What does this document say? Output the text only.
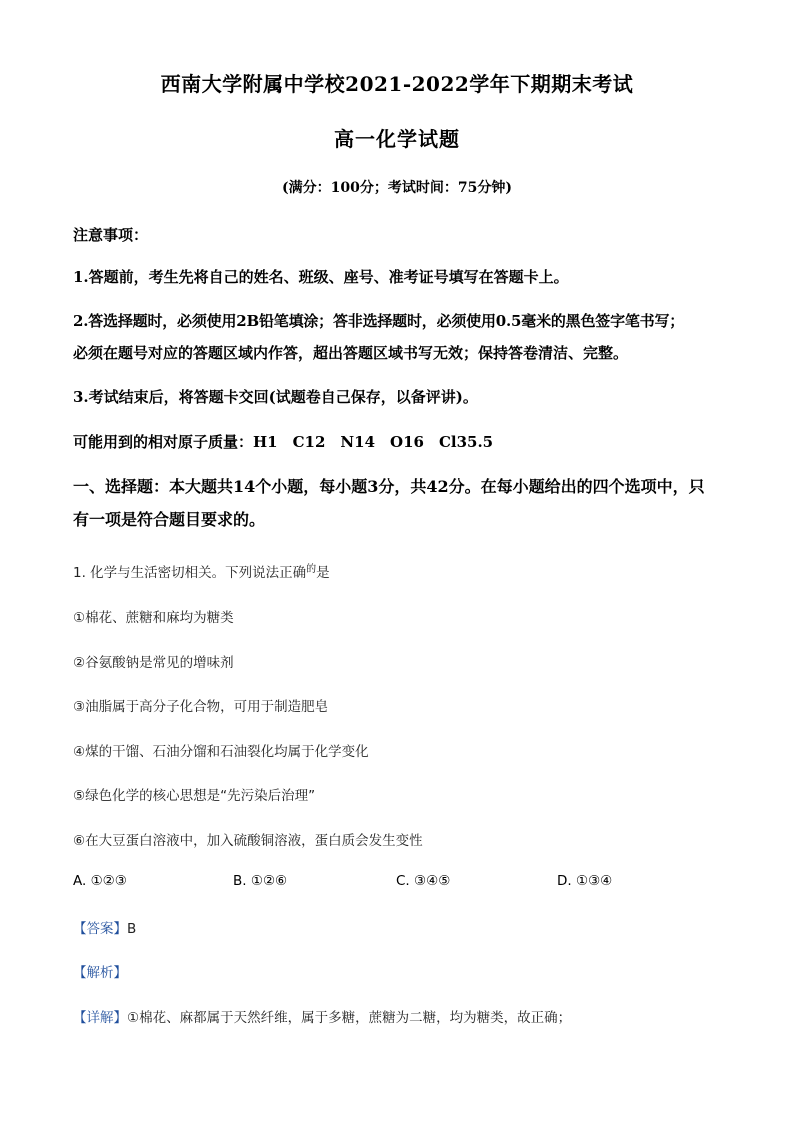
西南大学附属中学校2021-2022学年下期期末考试
高一化学试题
(满分：100分；考试时间：75分钟)
注意事项：
1.答题前，考生先将自己的姓名、班级、座号、准考证号填写在答题卡上。
2.答选择题时，必须使用2B铅笔填涂；答非选择题时，必须使用0.5毫米的黑色签字笔书写；
必须在题号对应的答题区域内作答，超出答题区域书写无效；保持答卷清洁、完整。
3.考试结束后，将答题卡交回(试题卷自己保存，以备评讲)。
可能用到的相对原子质量：H1　C12　N14　O16　Cl35.5
一、选择题：本大题共14个小题，每小题3分，共42分。在每小题给出的四个选项中，只
有一项是符合题目要求的。
1. 化学与生活密切相关。下列说法正确$^的$是
①棉花、蔗糖和麻均为糖类
②谷氨酸钠是常见的增味剂
③油脂属于高分子化合物，可用于制造肥皂
④煤的干馏、石油分馏和石油裂化均属于化学变化
⑤绿色化学的核心思想是“先污染后治理”
⑥在大豆蛋白溶液中，加入硫酸铜溶液，蛋白质会发生变性
A. ①②③	B. ①②⑥	C. ③④⑤	D. ①③④
【答案】B
【解析】
【详解】①棉花、麻都属于天然纤维，属于多糖，蔗糖为二糖，均为糖类，故正确；
